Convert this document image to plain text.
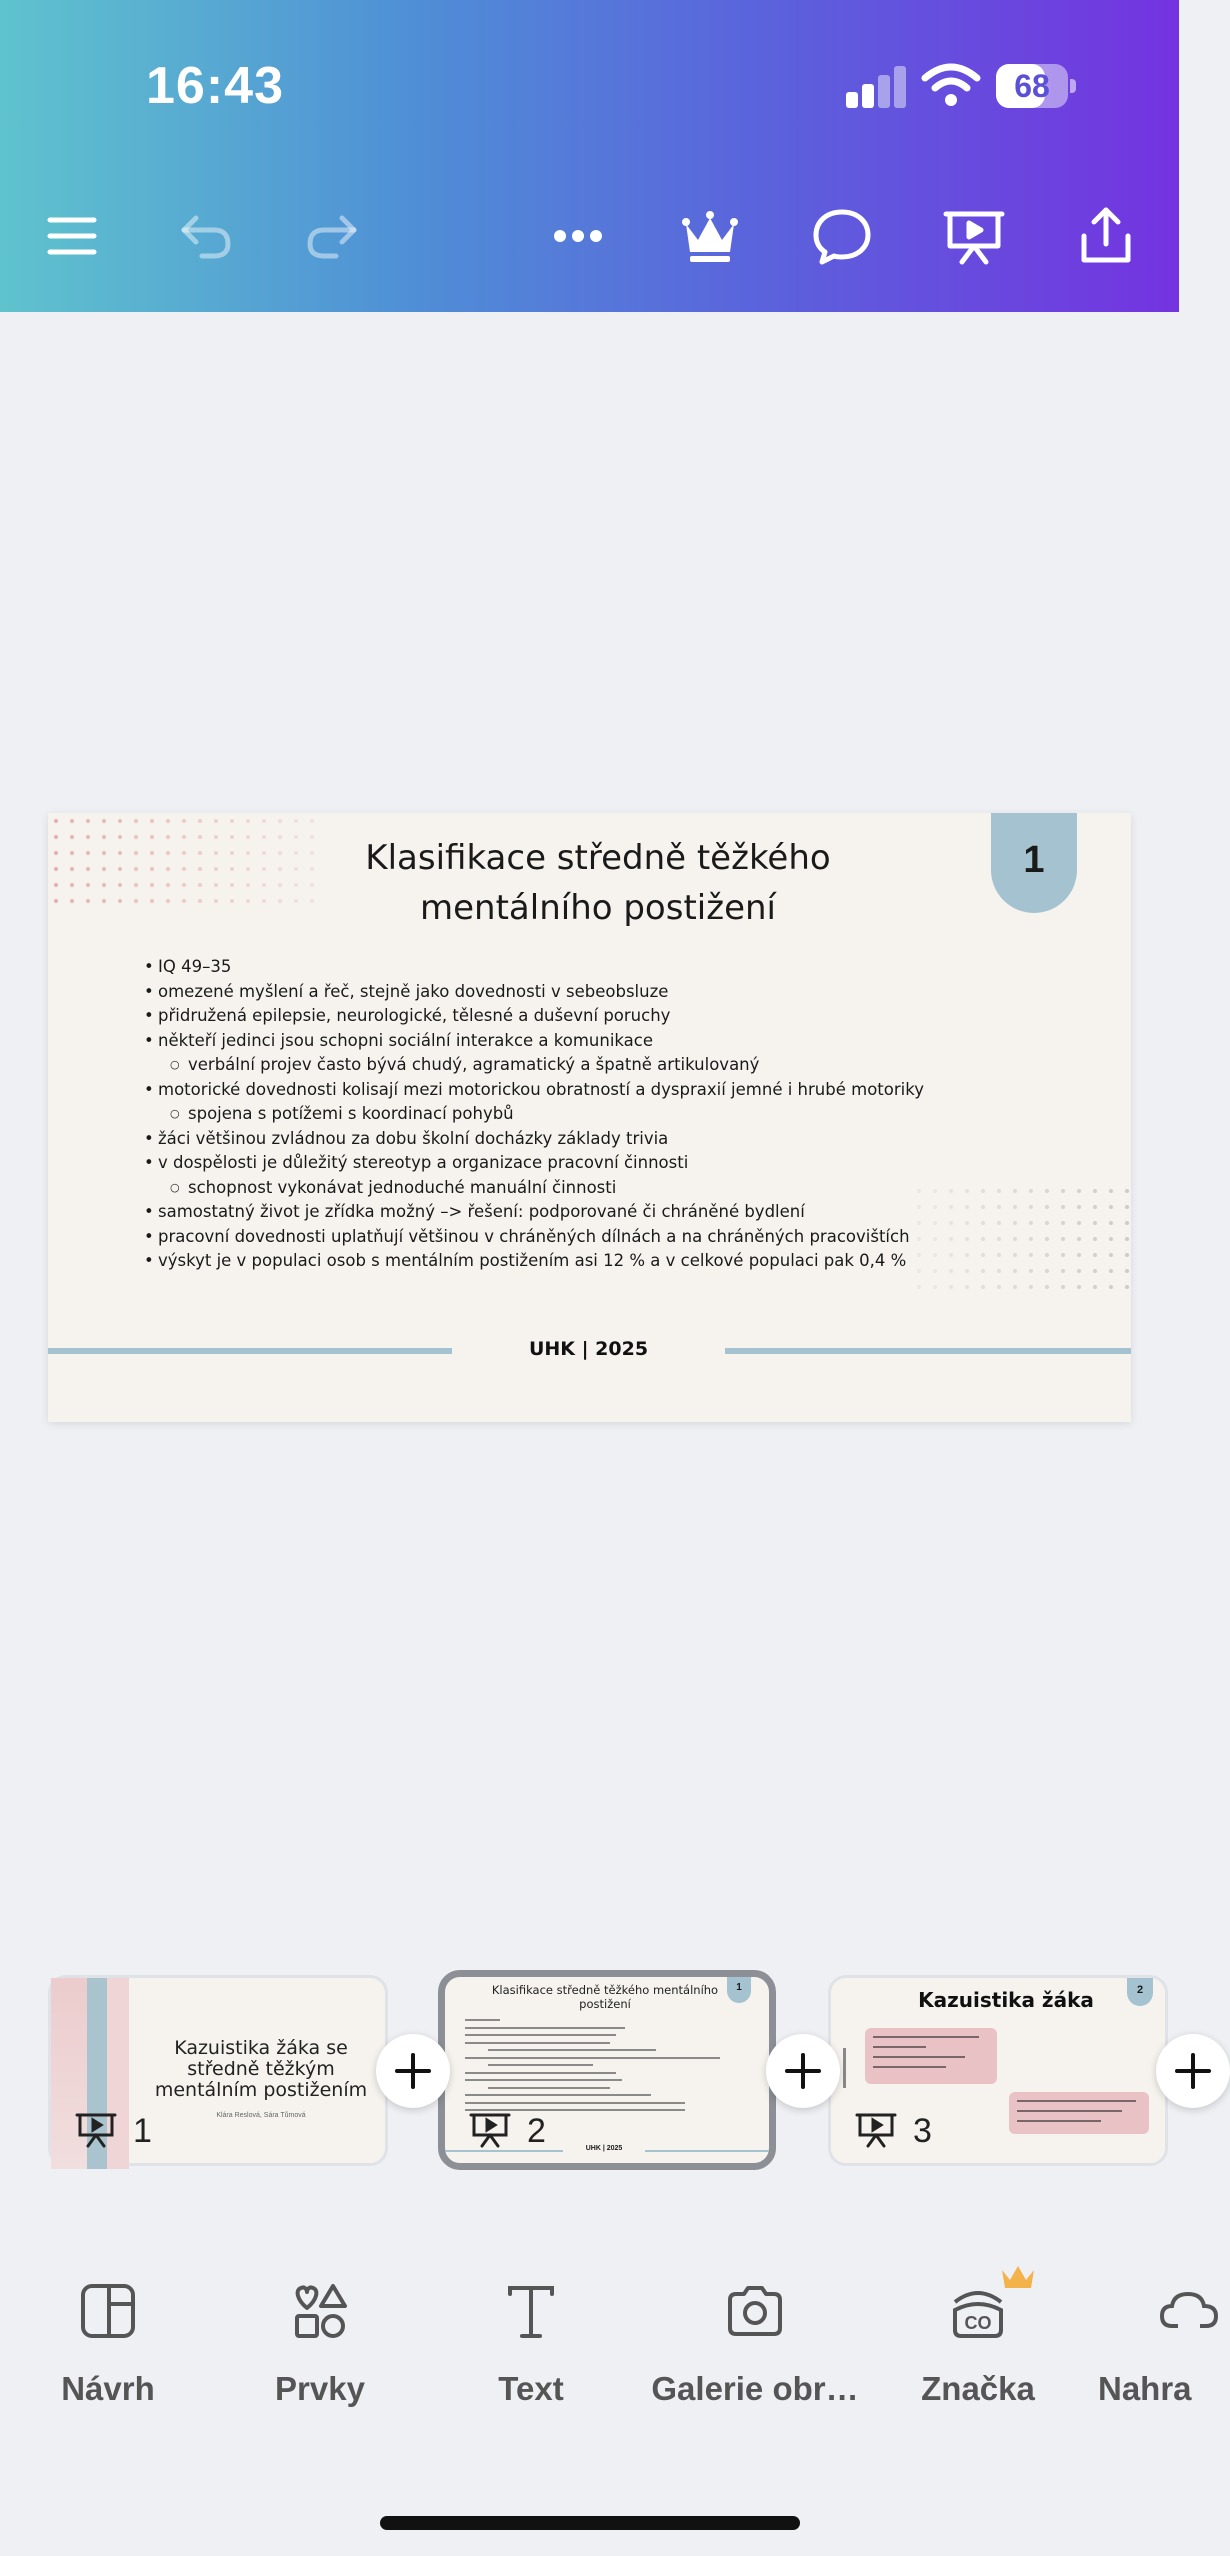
16:43	68
Klasifikace středně těžkého mentálního postižení
1
• IQ 49–35
• omezené myšlení a řeč, stejně jako dovednosti v sebeobsluze
• přidružená epilepsie, neurologické, tělesné a duševní poruchy
• někteří jedinci jsou schopni sociální interakce a komunikace
○ verbální projev často bývá chudý, agramatický a špatně artikulovaný
• motorické dovednosti kolisají mezi motorickou obratností a dyspraxií jemné i hrubé motoriky
○ spojena s potížemi s koordinací pohybů
• žáci většinou zvládnou za dobu školní docházky základy trivia
• v dospělosti je důležitý stereotyp a organizace pracovní činnosti
○ schopnost vykonávat jednoduché manuální činnosti
• samostatný život je zřídka možný –> řešení: podporované či chráněné bydlení
• pracovní dovednosti uplatňují většinou v chráněných dílnách a na chráněných pracovištích
• výskyt je v populaci osob s mentálním postižením asi 12 % a v celkové populaci pak 0,4 %
UHK | 2025
Kazuistika žáka se středně těžkým mentálním postižením
Klára Reslová, Sára Tůmová
1
Klasifikace středně těžkého mentálního postižení
1
UHK | 2025
2
Kazuistika žáka	2
3
Návrh	Prvky	Text	Galerie obr…
CO
Značka	Nahra
